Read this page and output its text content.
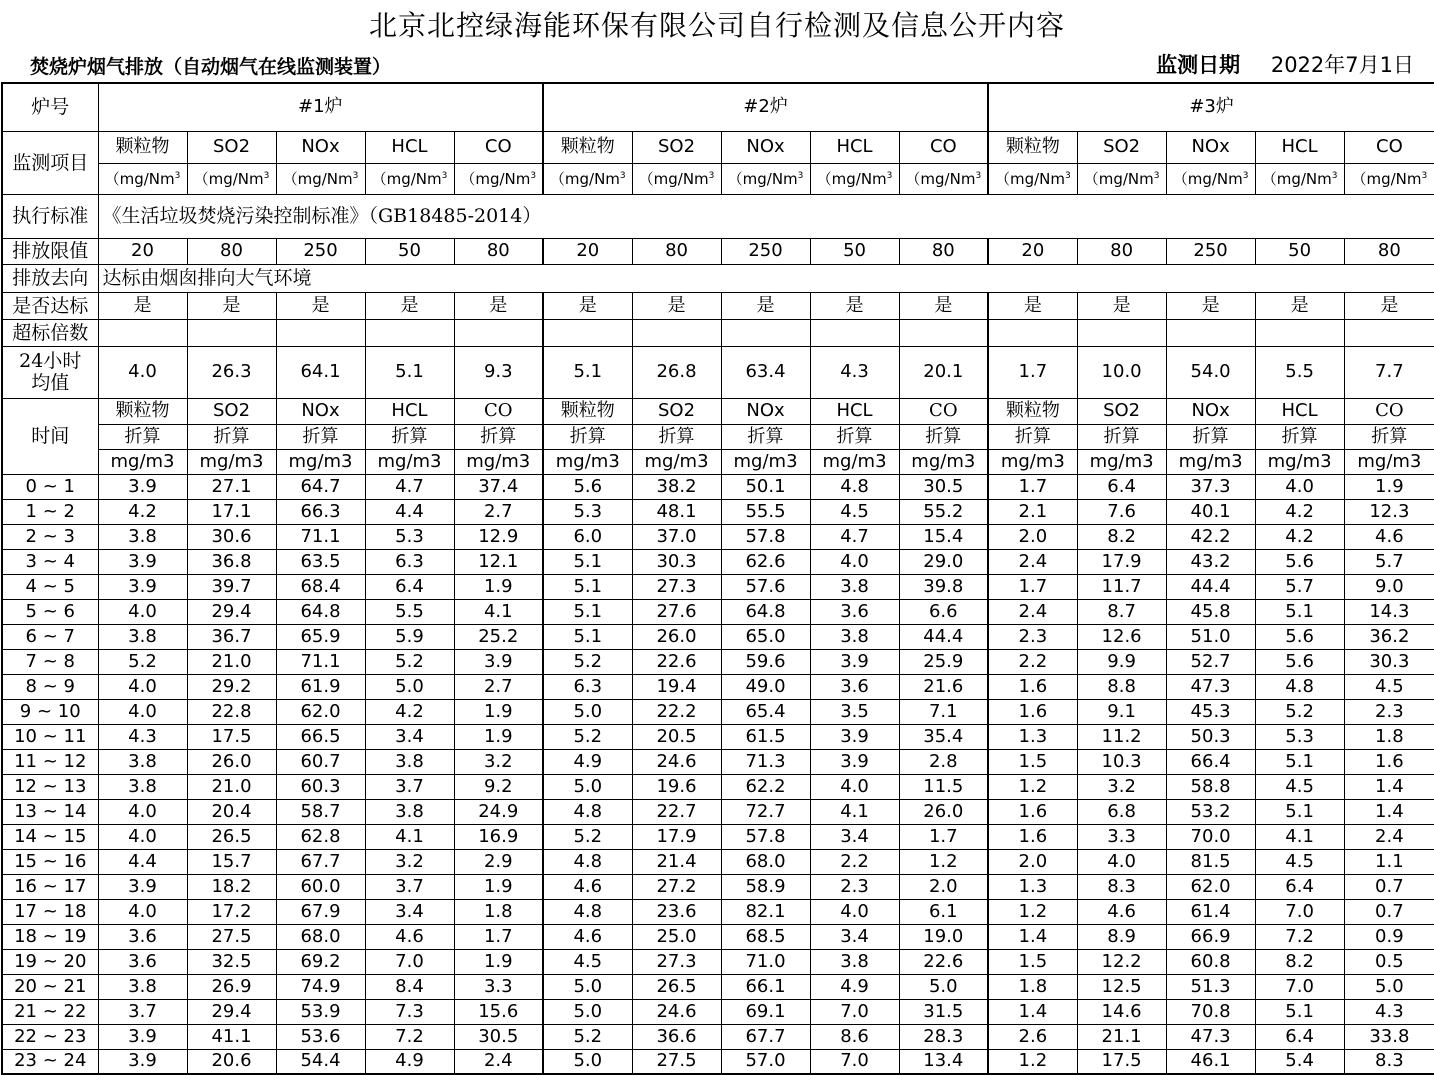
北京北控绿海能环保有限公司自行检测及信息公开内容
焚烧炉烟气排放（自动烟气在线监测装置）	监测日期 2022年7月1日
炉号	#1炉					#2炉					#3炉				
监测项目	颗粒物	SO2	NOx	HCL	CO	颗粒物	SO2	NOx	HCL	CO	颗粒物	SO2	NOx	HCL	CO
	（mg/Nm$^3$	（mg/Nm$^3$	（mg/Nm$^3$	（mg/Nm$^3$	（mg/Nm$^3$	（mg/Nm$^3$	（mg/Nm$^3$	（mg/Nm$^3$	（mg/Nm$^3$	（mg/Nm$^3$	（mg/Nm$^3$	（mg/Nm$^3$	（mg/Nm$^3$	（mg/Nm$^3$	（mg/Nm$^3$
执行标准	《生活垃圾焚烧污染控制标准》（GB18485-2014）														
排放限值	20	80	250	50	80	20	80	250	50	80	20	80	250	50	80
排放去向	达标由烟囱排向大气环境														
是否达标	是	是	是	是	是	是	是	是	是	是	是	是	是	是	是
超标倍数															

24小时
均值	4.0	26.3	64.1	5.1	9.3	5.1	26.8	63.4	4.3	20.1	1.7	10.0	54.0	5.5	7.7
时间	颗粒物	SO2	NOx	HCL	CO	颗粒物	SO2	NOx	HCL	CO	颗粒物	SO2	NOx	HCL	CO
	折算	折算	折算	折算	折算	折算	折算	折算	折算	折算	折算	折算	折算	折算	折算
	mg/m3	mg/m3	mg/m3	mg/m3	mg/m3	mg/m3	mg/m3	mg/m3	mg/m3	mg/m3	mg/m3	mg/m3	mg/m3	mg/m3	mg/m3
0 ~ 1	3.9	27.1	64.7	4.7	37.4	5.6	38.2	50.1	4.8	30.5	1.7	6.4	37.3	4.0	1.9
1 ~ 2	4.2	17.1	66.3	4.4	2.7	5.3	48.1	55.5	4.5	55.2	2.1	7.6	40.1	4.2	12.3
2 ~ 3	3.8	30.6	71.1	5.3	12.9	6.0	37.0	57.8	4.7	15.4	2.0	8.2	42.2	4.2	4.6
3 ~ 4	3.9	36.8	63.5	6.3	12.1	5.1	30.3	62.6	4.0	29.0	2.4	17.9	43.2	5.6	5.7
4 ~ 5	3.9	39.7	68.4	6.4	1.9	5.1	27.3	57.6	3.8	39.8	1.7	11.7	44.4	5.7	9.0
5 ~ 6	4.0	29.4	64.8	5.5	4.1	5.1	27.6	64.8	3.6	6.6	2.4	8.7	45.8	5.1	14.3
6 ~ 7	3.8	36.7	65.9	5.9	25.2	5.1	26.0	65.0	3.8	44.4	2.3	12.6	51.0	5.6	36.2
7 ~ 8	5.2	21.0	71.1	5.2	3.9	5.2	22.6	59.6	3.9	25.9	2.2	9.9	52.7	5.6	30.3
8 ~ 9	4.0	29.2	61.9	5.0	2.7	6.3	19.4	49.0	3.6	21.6	1.6	8.8	47.3	4.8	4.5
9 ~ 10	4.0	22.8	62.0	4.2	1.9	5.0	22.2	65.4	3.5	7.1	1.6	9.1	45.3	5.2	2.3
10 ~ 11	4.3	17.5	66.5	3.4	1.9	5.2	20.5	61.5	3.9	35.4	1.3	11.2	50.3	5.3	1.8
11 ~ 12	3.8	26.0	60.7	3.8	3.2	4.9	24.6	71.3	3.9	2.8	1.5	10.3	66.4	5.1	1.6
12 ~ 13	3.8	21.0	60.3	3.7	9.2	5.0	19.6	62.2	4.0	11.5	1.2	3.2	58.8	4.5	1.4
13 ~ 14	4.0	20.4	58.7	3.8	24.9	4.8	22.7	72.7	4.1	26.0	1.6	6.8	53.2	5.1	1.4
14 ~ 15	4.0	26.5	62.8	4.1	16.9	5.2	17.9	57.8	3.4	1.7	1.6	3.3	70.0	4.1	2.4
15 ~ 16	4.4	15.7	67.7	3.2	2.9	4.8	21.4	68.0	2.2	1.2	2.0	4.0	81.5	4.5	1.1
16 ~ 17	3.9	18.2	60.0	3.7	1.9	4.6	27.2	58.9	2.3	2.0	1.3	8.3	62.0	6.4	0.7
17 ~ 18	4.0	17.2	67.9	3.4	1.8	4.8	23.6	82.1	4.0	6.1	1.2	4.6	61.4	7.0	0.7
18 ~ 19	3.6	27.5	68.0	4.6	1.7	4.6	25.0	68.5	3.4	19.0	1.4	8.9	66.9	7.2	0.9
19 ~ 20	3.6	32.5	69.2	7.0	1.9	4.5	27.3	71.0	3.8	22.6	1.5	12.2	60.8	8.2	0.5
20 ~ 21	3.8	26.9	74.9	8.4	3.3	5.0	26.5	66.1	4.9	5.0	1.8	12.5	51.3	7.0	5.0
21 ~ 22	3.7	29.4	53.9	7.3	15.6	5.0	24.6	69.1	7.0	31.5	1.4	14.6	70.8	5.1	4.3
22 ~ 23	3.9	41.1	53.6	7.2	30.5	5.2	36.6	67.7	8.6	28.3	2.6	21.1	47.3	6.4	33.8
23 ~ 24	3.9	20.6	54.4	4.9	2.4	5.0	27.5	57.0	7.0	13.4	1.2	17.5	46.1	5.4	8.3
